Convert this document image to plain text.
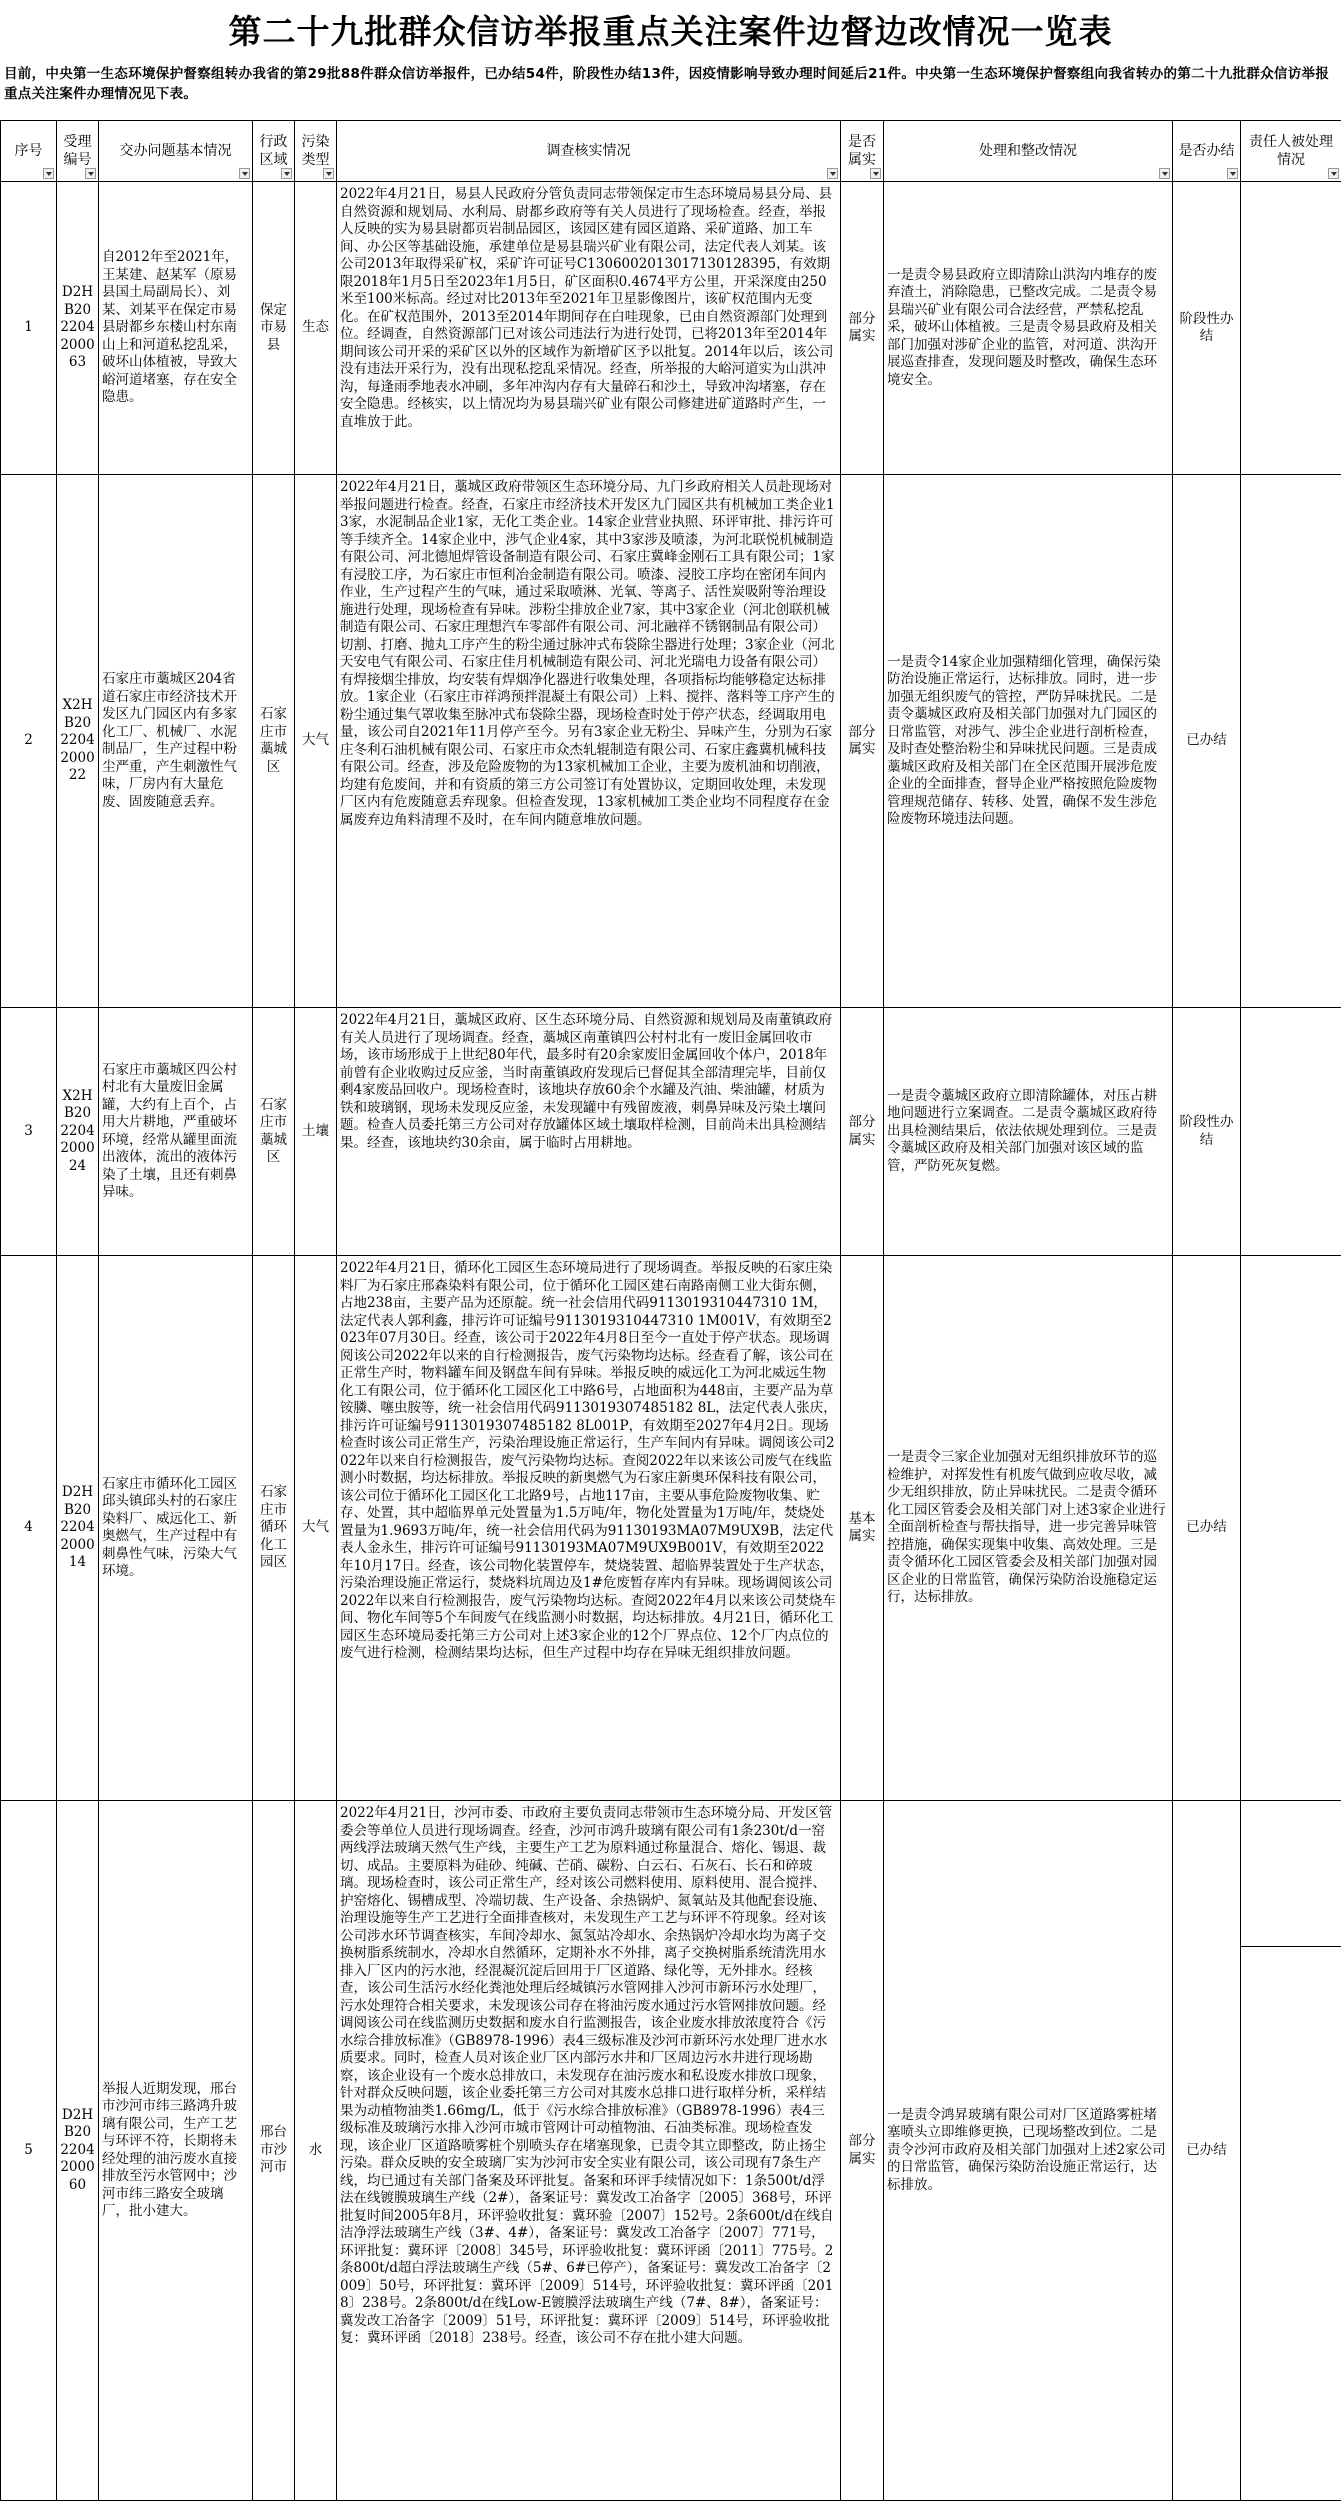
第二十九批群众信访举报重点关注案件边督边改情况一览表
目前，中央第一生态环境保护督察组转办我省的第29批88件群众信访举报件，已办结54件，阶段性办结13件，因疫情影响导致办理时间延后21件。中央第一生态环境保护督察组向我省转办的第二十九批群众信访举报重点关注案件办理情况见下表。
序号	受理编号	交办问题基本情况	行政区域	污染类型	调查核实情况	是否属实	处理和整改情况	是否办结	责任人被处理情况

1	D2HB202204200063	自2012年至2021年，王某建、赵某军（原易县国土局副局长）、刘某、刘某平在保定市易县尉都乡东楼山村东南山上和河道私挖乱采，破坏山体植被，导致大峪河道堵塞，存在安全隐患。	保定市易县	生态	2022年4月21日，易县人民政府分管负责同志带领保定市生态环境局易县分局、县自然资源和规划局、水利局、尉都乡政府等有关人员进行了现场检查。经查，举报人反映的实为易县尉都页岩制品园区，该园区建有园区道路、采矿道路、加工车间、办公区等基础设施，承建单位是易县瑞兴矿业有限公司，法定代表人刘某。该公司2013年取得采矿权，采矿许可证号C1306002013017130128395，有效期限2018年1月5日至2023年1月5日，矿区面积0.4674平方公里，开采深度由250米至100米标高。经过对比2013年至2021年卫星影像图片，该矿权范围内无变化。在矿权范围外，2013至2014年期间存在白哇现象，已由自然资源部门处理到位。经调查，自然资源部门已对该公司违法行为进行处罚，已将2013年至2014年期间该公司开采的采矿区以外的区域作为新增矿区予以批复。2014年以后，该公司没有违法开采行为，没有出现私挖乱采情况。经查，所举报的大峪河道实为山洪冲沟，每逢雨季地表水冲刷，多年冲沟内存有大量碎石和沙土，导致冲沟堵塞，存在安全隐患。经核实，以上情况均为易县瑞兴矿业有限公司修建进矿道路时产生，一直堆放于此。	部分属实	一是责令易县政府立即清除山洪沟内堆存的废弃渣土，消除隐患，已整改完成。二是责令易县瑞兴矿业有限公司合法经营，严禁私挖乱采，破坏山体植被。三是责令易县政府及相关部门加强对涉矿企业的监管，对河道、洪沟开展巡查排查，发现问题及时整改，确保生态环境安全。	阶段性办结	
2	X2HB202204200022	石家庄市藁城区204省道石家庄市经济技术开发区九门园区内有多家化工厂、机械厂、水泥制品厂，生产过程中粉尘严重，产生刺激性气味，厂房内有大量危废、固废随意丢弃。	石家庄市藁城区	大气	2022年4月21日，藁城区政府带领区生态环境分局、九门乡政府相关人员赴现场对举报问题进行检查。经查，石家庄市经济技术开发区九门园区共有机械加工类企业13家，水泥制品企业1家，无化工类企业。14家企业营业执照、环评审批、排污许可等手续齐全。14家企业中，涉气企业4家，其中3家涉及喷漆，为河北联悦机械制造有限公司、河北德旭焊管设备制造有限公司、石家庄冀峰金刚石工具有限公司；1家有浸胶工序，为石家庄市恒利冶金制造有限公司。喷漆、浸胶工序均在密闭车间内作业，生产过程产生的气味，通过采取喷淋、光氧、等离子、活性炭吸附等治理设施进行处理，现场检查有异味。涉粉尘排放企业7家，其中3家企业（河北创联机械制造有限公司、石家庄理想汽车零部件有限公司、河北融祥不锈钢制品有限公司）切割、打磨、抛丸工序产生的粉尘通过脉冲式布袋除尘器进行处理；3家企业（河北天安电气有限公司、石家庄佳月机械制造有限公司、河北光瑞电力设备有限公司）有焊接烟尘排放，均安装有焊烟净化器进行收集处理，各项指标均能够稳定达标排放。1家企业（石家庄市祥鸿预拌混凝土有限公司）上料、搅拌、落料等工序产生的粉尘通过集气罩收集至脉冲式布袋除尘器，现场检查时处于停产状态，经调取用电量，该公司自2021年11月停产至今。另有3家企业无粉尘、异味产生，分别为石家庄冬利石油机械有限公司、石家庄市众杰轧辊制造有限公司、石家庄鑫冀机械科技有限公司。经查，涉及危险废物的为13家机械加工企业，主要为废机油和切削液，均建有危废间，并和有资质的第三方公司签订有处置协议，定期回收处理，未发现厂区内有危废随意丢弃现象。但检查发现，13家机械加工类企业均不同程度存在金属废弃边角料清理不及时，在车间内随意堆放问题。	部分属实	一是责令14家企业加强精细化管理，确保污染防治设施正常运行，达标排放。同时，进一步加强无组织废气的管控，严防异味扰民。二是责令藁城区政府及相关部门加强对九门园区的日常监管，对涉气、涉尘企业进行剖析检查，及时查处整治粉尘和异味扰民问题。三是责成藁城区政府及相关部门在全区范围开展涉危废企业的全面排查，督导企业严格按照危险废物管理规范储存、转移、处置，确保不发生涉危险废物环境违法问题。	已办结	
3	X2HB202204200024	石家庄市藁城区四公村村北有大量废旧金属罐，大约有上百个，占用大片耕地，严重破坏环境，经常从罐里面流出液体，流出的液体污染了土壤，且还有刺鼻异味。	石家庄市藁城区	土壤	2022年4月21日，藁城区政府、区生态环境分局、自然资源和规划局及南董镇政府有关人员进行了现场调查。经查，藁城区南董镇四公村村北有一废旧金属回收市场，该市场形成于上世纪80年代，最多时有20余家废旧金属回收个体户，2018年前曾有企业收购过反应釜，当时南董镇政府发现后已督促其全部清理完毕，目前仅剩4家废品回收户。现场检查时，该地块存放60余个水罐及汽油、柴油罐，材质为铁和玻璃钢，现场未发现反应釜，未发现罐中有残留废液，刺鼻异味及污染土壤问题。检查人员委托第三方公司对存放罐体区域土壤取样检测，目前尚未出具检测结果。经查，该地块约30余亩，属于临时占用耕地。	部分属实	一是责令藁城区政府立即清除罐体，对压占耕地问题进行立案调查。二是责令藁城区政府待出具检测结果后，依法依规处理到位。三是责令藁城区政府及相关部门加强对该区域的监管，严防死灰复燃。	阶段性办结	
4	D2HB202204200014	石家庄市循环化工园区邱头镇邱头村的石家庄染料厂、威远化工、新奥燃气，生产过程中有刺鼻性气味，污染大气环境。	石家庄市循环化工园区	大气	2022年4月21日，循环化工园区生态环境局进行了现场调查。举报反映的石家庄染料厂为石家庄邢森染料有限公司，位于循环化工园区建石南路南侧工业大街东侧，占地238亩，主要产品为还原靛。统一社会信用代码9113019310447310 1M，法定代表人郭利鑫，排污许可证编号9113019310447310 1M001V，有效期至2023年07月30日。经查，该公司于2022年4月8日至今一直处于停产状态。现场调阅该公司2022年以来的自行检测报告，废气污染物均达标。经查看了解，该公司在正常生产时，物料罐车间及钢盘车间有异味。举报反映的威远化工为河北威远生物化工有限公司，位于循环化工园区化工中路6号，占地面积为448亩，主要产品为草铵膦、噻虫胺等，统一社会信用代码9113019307485182 8L，法定代表人张庆，排污许可证编号9113019307485182 8L001P，有效期至2027年4月2日。现场检查时该公司正常生产，污染治理设施正常运行，生产车间内有异味。调阅该公司2022年以来自行检测报告，废气污染物均达标。查阅2022年以来该公司废气在线监测小时数据，均达标排放。举报反映的新奥燃气为石家庄新奥环保科技有限公司，该公司位于循环化工园区化工北路9号，占地117亩，主要从事危险废物收集、贮存、处置，其中超临界单元处置量为1.5万吨/年，物化处置量为1万吨/年，焚烧处置量为1.9693万吨/年，统一社会信用代码为91130193MA07M9UX9B，法定代表人金永生，排污许可证编号91130193MA07M9UX9B001V，有效期至2022年10月17日。经查，该公司物化装置停车，焚烧装置、超临界装置处于生产状态，污染治理设施正常运行，焚烧料坑周边及1#危废暂存库内有异味。现场调阅该公司2022年以来自行检测报告，废气污染物均达标。查阅2022年4月以来该公司焚烧车间、物化车间等5个车间废气在线监测小时数据，均达标排放。4月21日，循环化工园区生态环境局委托第三方公司对上述3家企业的12个厂界点位、12个厂内点位的废气进行检测，检测结果均达标，但生产过程中均存在异味无组织排放问题。	基本属实	一是责令三家企业加强对无组织排放环节的巡检维护，对挥发性有机废气做到应收尽收，减少无组织排放，防止异味扰民。二是责令循环化工园区管委会及相关部门对上述3家企业进行全面剖析检查与帮扶指导，进一步完善异味管控措施，确保实现集中收集、高效处理。三是责令循环化工园区管委会及相关部门加强对园区企业的日常监管，确保污染防治设施稳定运行，达标排放。	已办结	
5	D2HB202204200060	举报人近期发现，邢台市沙河市纬三路鸿升玻璃有限公司，生产工艺与环评不符，长期将未经处理的油污废水直接排放至污水管网中；沙河市纬三路安全玻璃厂，批小建大。	邢台市沙河市	水	2022年4月21日，沙河市委、市政府主要负责同志带领市生态环境分局、开发区管委会等单位人员进行现场调查。经查，沙河市鸿升玻璃有限公司有1条230t/d一窑两线浮法玻璃天然气生产线，主要生产工艺为原料通过称量混合、熔化、锡退、裁切、成品。主要原料为硅砂、纯碱、芒硝、碳粉、白云石、石灰石、长石和碎玻璃。现场检查时，该公司正常生产，经对该公司燃料使用、原料使用、混合搅拌、护窑熔化、锡槽成型、冷端切裁、生产设备、余热锅炉、氮氧站及其他配套设施、治理设施等生产工艺进行全面排查核对，未发现生产工艺与环评不符现象。经对该公司涉水环节调查核实，车间冷却水、氮氢站冷却水、余热锅炉冷却水均为离子交换树脂系统制水，冷却水自然循环，定期补水不外排，离子交换树脂系统清洗用水排入厂区内的污水池，经混凝沉淀后回用于厂区道路、绿化等，无外排水。经核查，该公司生活污水经化粪池处理后经城镇污水管网排入沙河市新环污水处理厂，污水处理符合相关要求，未发现该公司存在将油污废水通过污水管网排放问题。经调阅该公司在线监测历史数据和废水自行监测报告，该企业废水排放浓度符合《污水综合排放标准》（GB8978-1996）表4三级标准及沙河市新环污水处理厂进水水质要求。同时，检查人员对该企业厂区内部污水井和厂区周边污水井进行现场勘察，该企业设有一个废水总排放口，未发现存在油污废水和私设废水排放口现象，针对群众反映问题，该企业委托第三方公司对其废水总排口进行取样分析，采样结果为动植物油类1.66mg/L，低于《污水综合排放标准》（GB8978-1996）表4三级标准及玻璃污水排入沙河市城市管网计可动植物油、石油类标准。现场检查发现，该企业厂区道路喷雾桩个别喷头存在堵塞现象，已责令其立即整改，防止扬尘污染。群众反映的安全玻璃厂实为沙河市安全实业有限公司，该公司现有7条生产线，均已通过有关部门备案及环评批复。备案和环评手续情况如下：1条500t/d浮法在线镀膜玻璃生产线（2#），备案证号：冀发改工冶备字〔2005〕368号，环评批复时间2005年8月，环评验收批复：冀环验〔2007〕152号。2条600t/d在线自洁净浮法玻璃生产线（3#、4#），备案证号：冀发改工冶备字〔2007〕771号，环评批复：冀环评〔2008〕345号，环评验收批复：冀环评函〔2011〕775号。2条800t/d超白浮法玻璃生产线（5#、6#已停产），备案证号：冀发改工冶备字〔2009〕50号，环评批复：冀环评〔2009〕514号，环评验收批复：冀环评函〔2018〕238号。2条800t/d在线Low-E镀膜浮法玻璃生产线（7#、8#），备案证号：冀发改工冶备字〔2009〕51号，环评批复：冀环评〔2009〕514号，环评验收批复：冀环评函〔2018〕238号。经查，该公司不存在批小建大问题。	部分属实	一是责令鸿昇玻璃有限公司对厂区道路雾桩堵塞喷头立即维修更换，已现场整改到位。二是责令沙河市政府及相关部门加强对上述2家公司的日常监管，确保污染防治设施正常运行，达标排放。	已办结	
